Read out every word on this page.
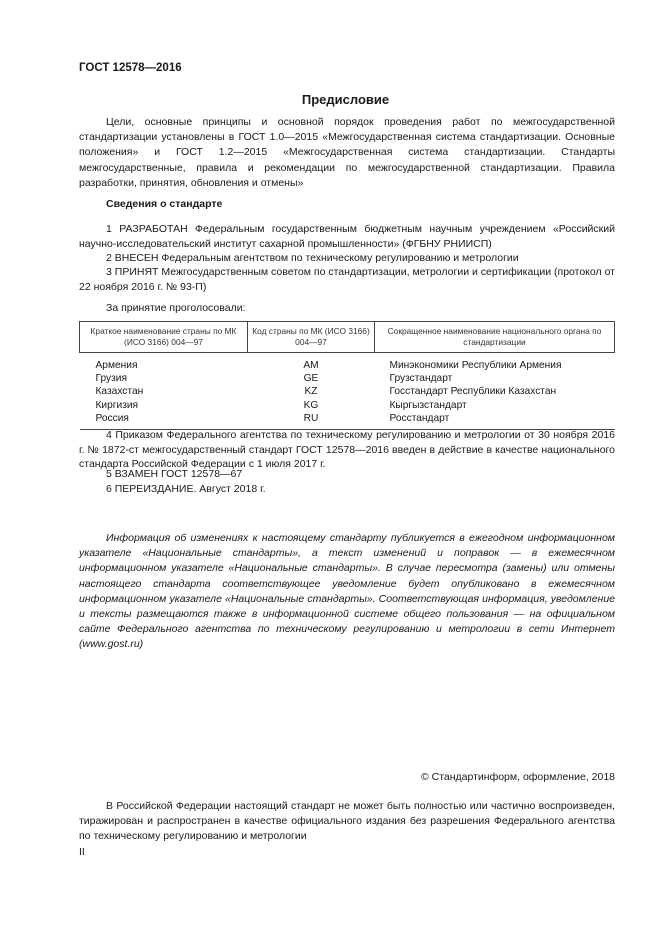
ГОСТ 12578—2016
Предисловие
Цели, основные принципы и основной порядок проведения работ по межгосударственной стандартизации установлены в ГОСТ 1.0—2015 «Межгосударственная система стандартизации. Основные положения» и ГОСТ 1.2—2015 «Межгосударственная система стандартизации. Стандарты межгосударственные, правила и рекомендации по межгосударственной стандартизации. Правила разработки, принятия, обновления и отмены»
Сведения о стандарте
1 РАЗРАБОТАН Федеральным государственным бюджетным научным учреждением «Российский научно-исследовательский институт сахарной промышленности» (ФГБНУ РНИИСП)
2 ВНЕСЕН Федеральным агентством по техническому регулированию и метрологии
3 ПРИНЯТ Межгосударственным советом по стандартизации, метрологии и сертификации (протокол от 22 ноября 2016 г. № 93-П)
За принятие проголосовали:
Краткое наименование страны по МК (ИСО 3166) 004—97	Код страны по МК (ИСО 3166) 004—97	Сокращенное наименование национального органа по стандартизации
Армения	AM	Минэкономики Республики Армения
Грузия	GE	Грузстандарт
Казахстан	KZ	Госстандарт Республики Казахстан
Киргизия	KG	Кыргызстандарт
Россия	RU	Росстандарт
4 Приказом Федерального агентства по техническому регулированию и метрологии от 30 ноября 2016 г. № 1872-ст межгосударственный стандарт ГОСТ 12578—2016 введен в действие в качестве национального стандарта Российской Федерации с 1 июля 2017 г.
5 ВЗАМЕН ГОСТ 12578—67
6 ПЕРЕИЗДАНИЕ. Август 2018 г.
Информация об изменениях к настоящему стандарту публикуется в ежегодном информационном указателе «Национальные стандарты», а текст изменений и поправок — в ежемесячном информационном указателе «Национальные стандарты». В случае пересмотра (замены) или отмены настоящего стандарта соответствующее уведомление будет опубликовано в ежемесячном информационном указателе «Национальные стандарты». Соответствующая информация, уведомление и тексты размещаются также в информационной системе общего пользования — на официальном сайте Федерального агентства по техническому регулированию и метрологии в сети Интернет (www.gost.ru)
© Стандартинформ, оформление, 2018
В Российской Федерации настоящий стандарт не может быть полностью или частично воспроизведен, тиражирован и распространен в качестве официального издания без разрешения Федерального агентства по техническому регулированию и метрологии
II
